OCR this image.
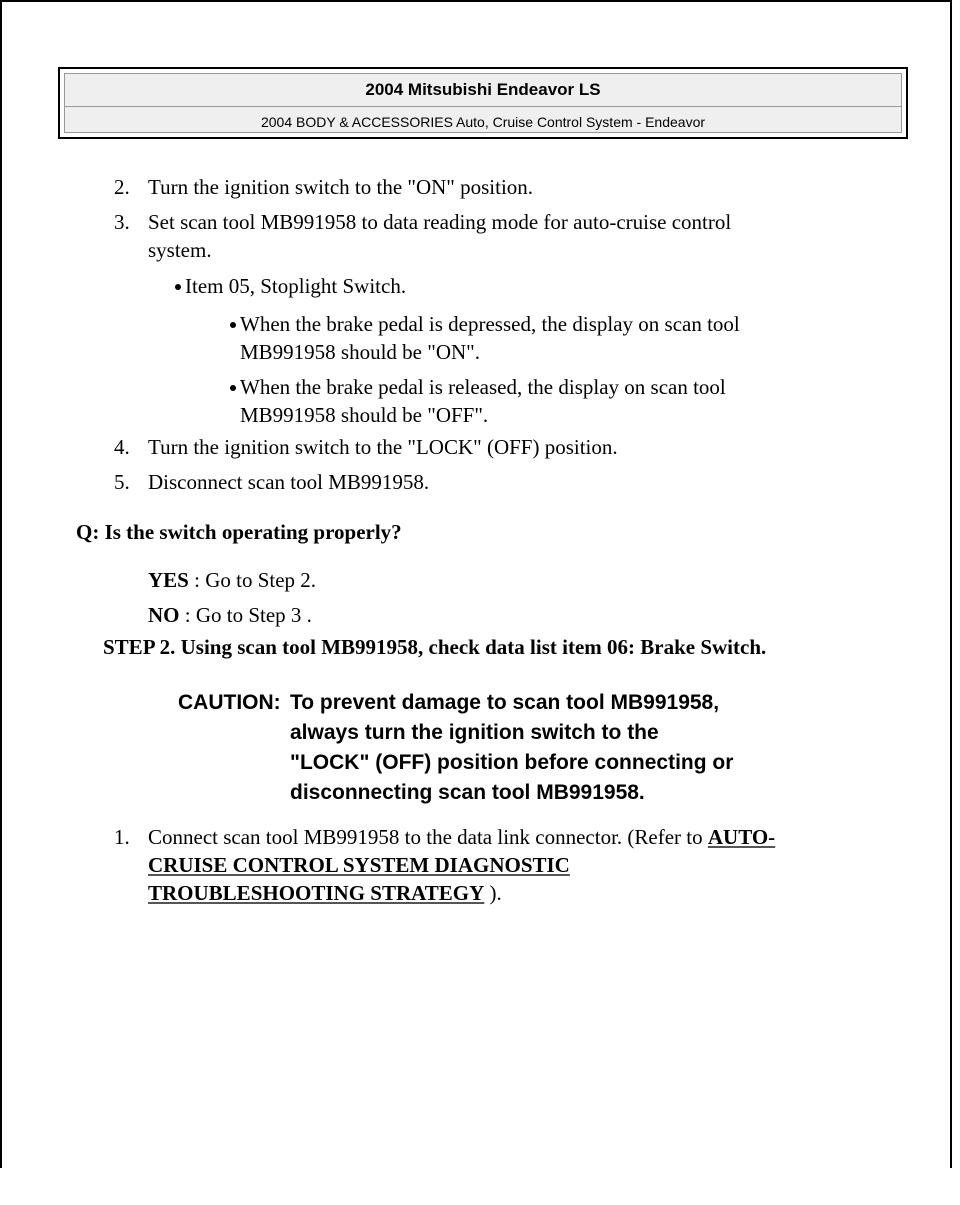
2004 Mitsubishi Endeavor LS
2004 BODY & ACCESSORIES Auto, Cruise Control System - Endeavor
2. Turn the ignition switch to the "ON" position.
3. Set scan tool MB991958 to data reading mode for auto-cruise control
system.
Item 05, Stoplight Switch.
When the brake pedal is depressed, the display on scan tool
MB991958 should be "ON".
When the brake pedal is released, the display on scan tool
MB991958 should be "OFF".
4. Turn the ignition switch to the "LOCK" (OFF) position.
5. Disconnect scan tool MB991958.
Q: Is the switch operating properly?
YES : Go to Step 2.
NO : Go to Step 3 .
STEP 2. Using scan tool MB991958, check data list item 06: Brake Switch.
CAUTION: To prevent damage to scan tool MB991958,
always turn the ignition switch to the
"LOCK" (OFF) position before connecting or
disconnecting scan tool MB991958.
1. Connect scan tool MB991958 to the data link connector. (Refer to AUTO-
CRUISE CONTROL SYSTEM DIAGNOSTIC
TROUBLESHOOTING STRATEGY ).
